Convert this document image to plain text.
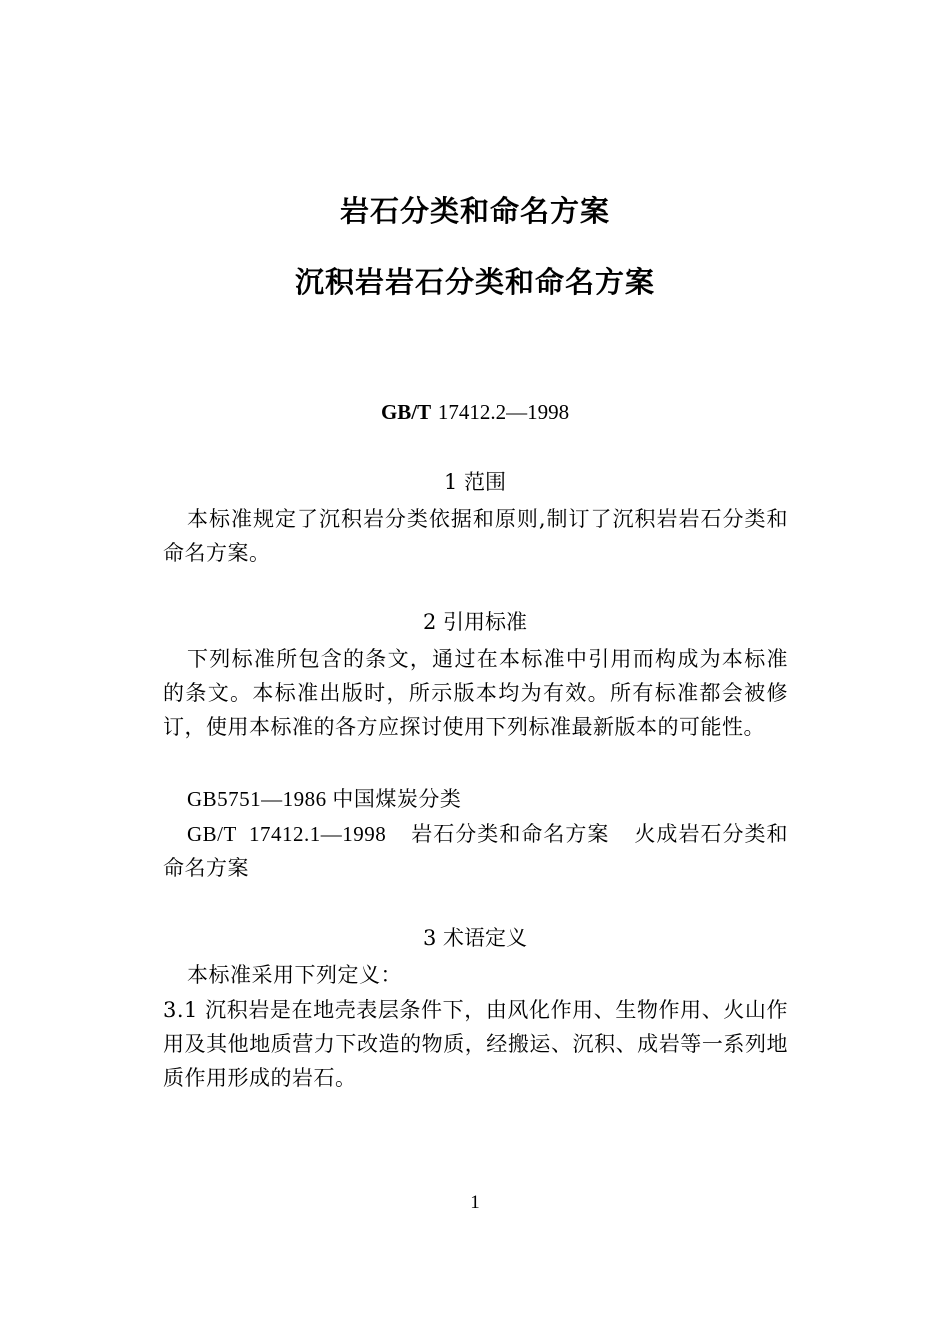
岩石分类和命名方案
沉积岩岩石分类和命名方案
GB/T 17412.2—1998
1 范围
本标准规定了沉积岩分类依据和原则,制订了沉积岩岩石分类和命名方案。
2 引用标准
下列标准所包含的条文，通过在本标准中引用而构成为本标准的条文。本标准出版时，所示版本均为有效。所有标准都会被修订，使用本标准的各方应探讨使用下列标准最新版本的可能性。
GB5751—1986 中国煤炭分类
GB/T  17412.1—1998    岩石分类和命名方案    火成岩石分类和命名方案
3 术语定义
本标准采用下列定义：
3.1 沉积岩是在地壳表层条件下，由风化作用、生物作用、火山作用及其他地质营力下改造的物质，经搬运、沉积、成岩等一系列地质作用形成的岩石。
1
